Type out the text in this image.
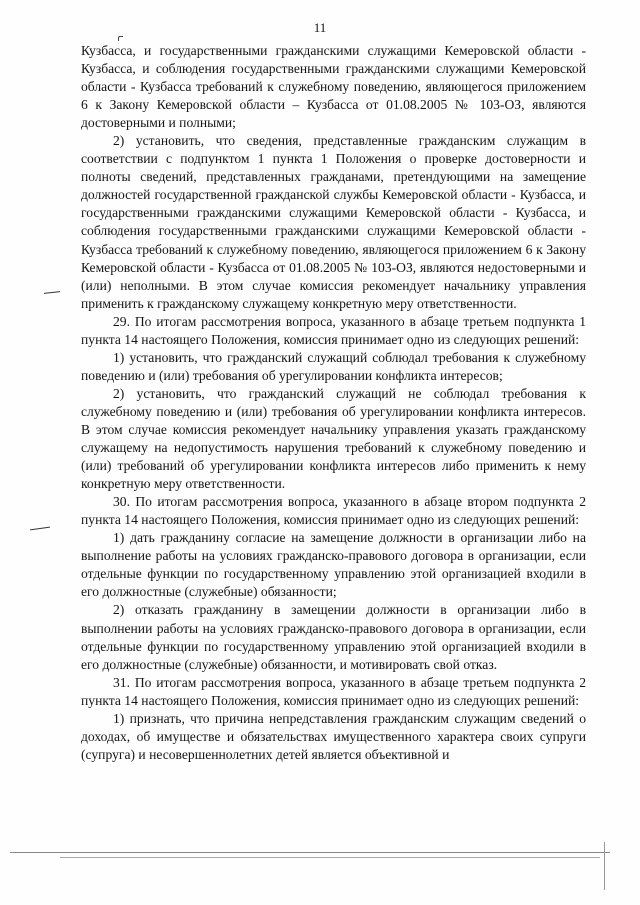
11

Кузбасса, и государственными гражданскими служащими Кемеровской области - Кузбасса, и соблюдения государственными гражданскими служащими Кемеровской области - Кузбасса требований к служебному поведению, являющегося приложением 6 к Закону Кемеровской области – Кузбасса от 01.08.2005 № 103-ОЗ, являются достоверными и полными;

2) установить, что сведения, представленные гражданским служащим в соответствии с подпунктом 1 пункта 1 Положения о проверке достоверности и полноты сведений, представленных гражданами, претендующими на замещение должностей государственной гражданской службы Кемеровской области - Кузбасса, и государственными гражданскими служащими Кемеровской области - Кузбасса, и соблюдения государственными гражданскими служащими Кемеровской области - Кузбасса требований к служебному поведению, являющегося приложением 6 к Закону Кемеровской области - Кузбасса от 01.08.2005 № 103-ОЗ, являются недостоверными и (или) неполными. В этом случае комиссия рекомендует начальнику управления применить к гражданскому служащему конкретную меру ответственности.

29. По итогам рассмотрения вопроса, указанного в абзаце третьем подпункта 1 пункта 14 настоящего Положения, комиссия принимает одно из следующих решений:

1) установить, что гражданский служащий соблюдал требования к служебному поведению и (или) требования об урегулировании конфликта интересов;

2) установить, что гражданский служащий не соблюдал требования к служебному поведению и (или) требования об урегулировании конфликта интересов. В этом случае комиссия рекомендует начальнику управления указать гражданскому служащему на недопустимость нарушения требований к служебному поведению и (или) требований об урегулировании конфликта интересов либо применить к нему конкретную меру ответственности.

30. По итогам рассмотрения вопроса, указанного в абзаце втором подпункта 2 пункта 14 настоящего Положения, комиссия принимает одно из следующих решений:

1) дать гражданину согласие на замещение должности в организации либо на выполнение работы на условиях гражданско-правового договора в организации, если отдельные функции по государственному управлению этой организацией входили в его должностные (служебные) обязанности;

2) отказать гражданину в замещении должности в организации либо в выполнении работы на условиях гражданско-правового договора в организации, если отдельные функции по государственному управлению этой организацией входили в его должностные (служебные) обязанности, и мотивировать свой отказ.

31. По итогам рассмотрения вопроса, указанного в абзаце третьем подпункта 2 пункта 14 настоящего Положения, комиссия принимает одно из следующих решений:

1) признать, что причина непредставления гражданским служащим сведений о доходах, об имуществе и обязательствах имущественного характера своих супруги (супруга) и несовершеннолетних детей является объективной и
